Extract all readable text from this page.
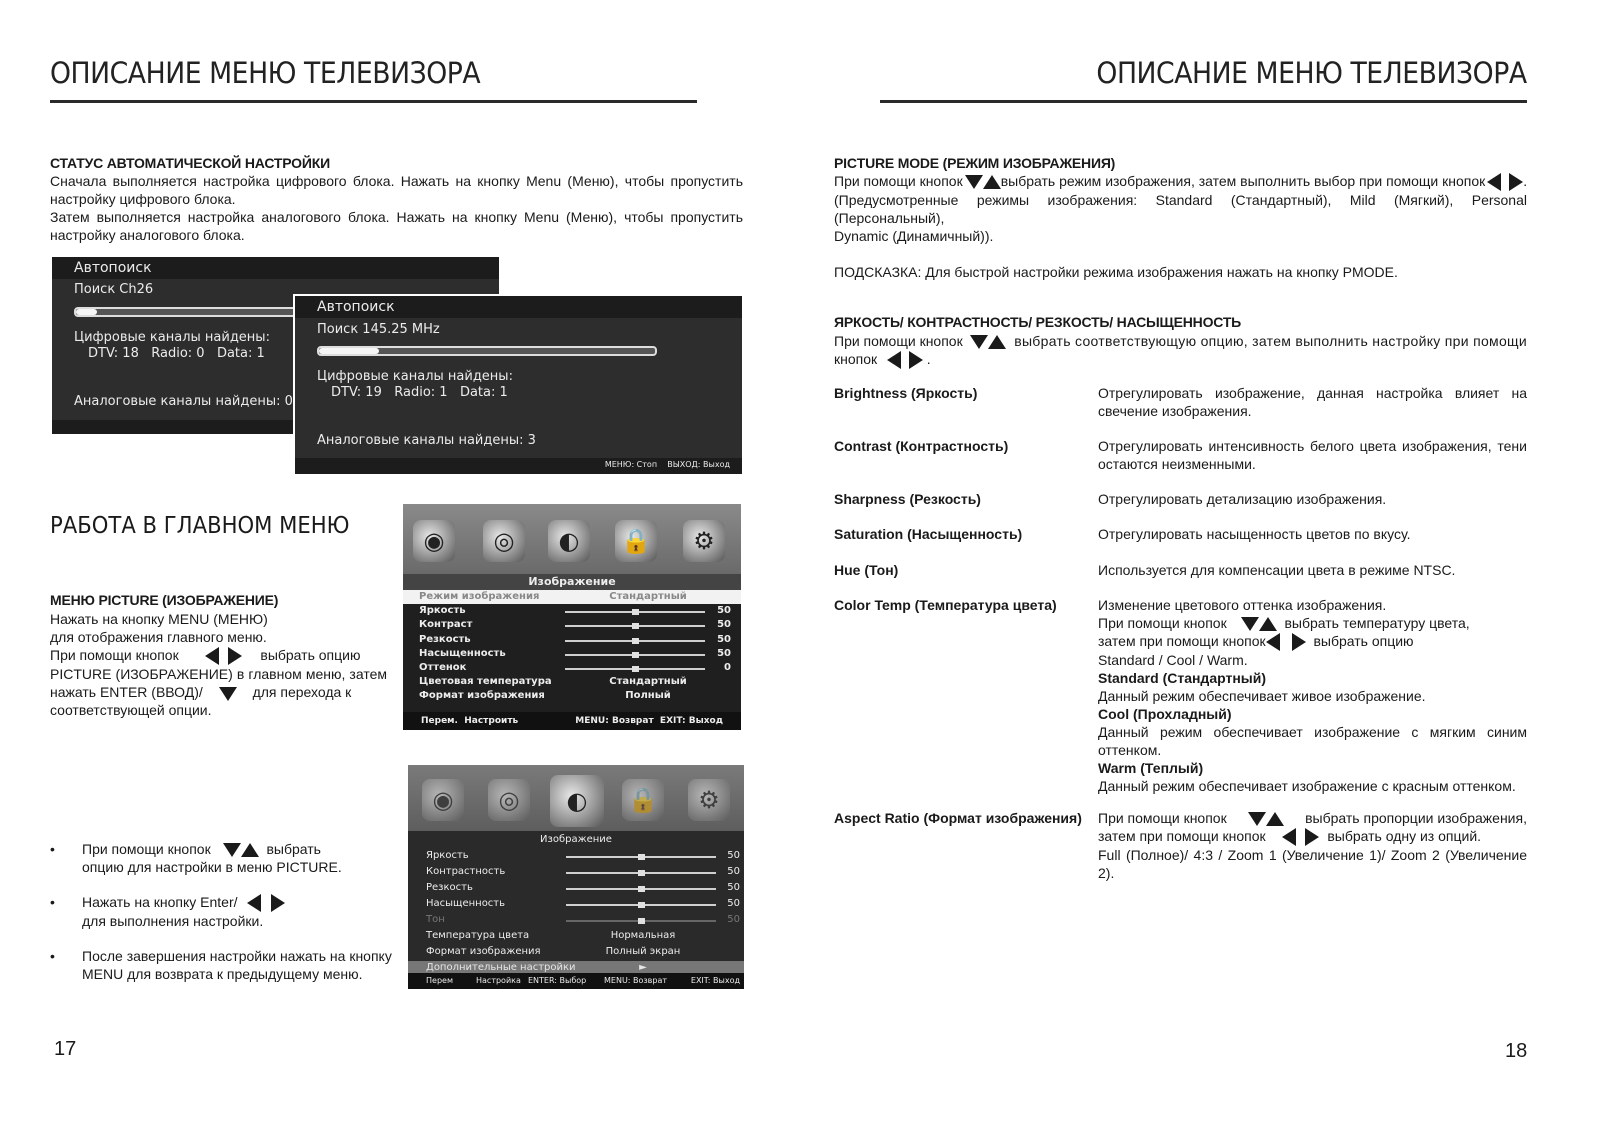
ОПИСАНИЕ МЕНЮ ТЕЛЕВИЗОРА
СТАТУС АВТОМАТИЧЕСКОЙ НАСТРОЙКИ
Сначала выполняется настройка цифрового блока. Нажать на кнопку Menu (Меню), чтобы пропустить
настройку цифрового блока.
Затем выполняется настройка аналогового блока. Нажать на кнопку Menu (Меню), чтобы пропустить
настройку аналогового блока.
Автопоиск
Поиск Ch26
Цифровые каналы найдены:
DTV: 18   Radio: 0   Data: 1
Аналоговые каналы найдены: 0
Автопоиск
Поиск 145.25 MHz
Цифровые каналы найдены:
DTV: 19   Radio: 1   Data: 1
Аналоговые каналы найдены: 3
МЕНЮ: Стоп    ВЫХОД: Выход
РАБОТА В ГЛАВНОМ МЕНЮ
МЕНЮ PICTURE (ИЗОБРАЖЕНИЕ)
Нажать на кнопку MENU (МЕНЮ)
для отображения главного меню.
При помощи кнопок	выбрать опцию
PICTURE (ИЗОБРАЖЕНИЕ) в главном меню, затем
нажать ENTER (ВВОД)/	для перехода к
соответствующей опции.
◉	◎	◐	🔒	⚙
Изображение
Режим изображения	Стандартный
Яркость	50
Контраст	50
Резкость	50
Насыщенность	50
Оттенок	0
Цветовая температура	Стандартный
Формат изображения	Полный
Перем.  Настроить	MENU: Возврат  EXIT: Выход
◉	◎	◐	🔒	⚙
Изображение
Яркость	50
Контрастность	50
Резкость	50
Насыщенность	50
Тон	50
Температура цвета	Нормальная
Формат изображения	Полный экран
Дополнительные настройки	►
Перем	Настройка ENTER: Выбор MENU: Возврат	EXIT: Выход
• При помощи кнопок	выбрать
опцию для настройки в меню PICTURE.
• Нажать на кнопку Enter/
для выполнения настройки.
• После завершения настройки нажать на кнопку
MENU для возврата к предыдущему меню.
17
ОПИСАНИЕ МЕНЮ ТЕЛЕВИЗОРА
PICTURE MODE (РЕЖИМ ИЗОБРАЖЕНИЯ)
При помощи кнопок	выбрать режим изображения, затем выполнить выбор при помощи кнопок	.
(Предусмотренные режимы изображения: Standard (Стандартный), Mild (Мягкий), Personal (Персональный),
Dynamic (Динамичный)).
ПОДСКАЗКА: Для быстрой настройки режима изображения нажать на кнопку PMODE.
ЯРКОСТЬ/ КОНТРАСТНОСТЬ/ РЕЗКОСТЬ/ НАСЫЩЕННОСТЬ
При помощи кнопок	выбрать соответствующую опцию, затем выполнить настройку при помощи
кнопок	.
Brightness (Яркость)	Отрегулировать изображение, данная настройка влияет на свечение изображения.
Contrast (Контрастность)	Отрегулировать интенсивность белого цвета изображения, тени остаются неизменными.
Sharpness (Резкость)	Отрегулировать детализацию изображения.
Saturation (Насыщенность)	Отрегулировать насыщенность цветов по вкусу.
Hue (Тон)	Используется для компенсации цвета в режиме NTSC.
Color Temp (Температура цвета)	Изменение цветового оттенка изображения.
При помощи кнопок	выбрать температуру цвета,
затем при помощи кнопок	выбрать опцию
Standard / Cool / Warm.
Standard (Стандартный)
Данный режим обеспечивает живое изображение.
Cool (Прохладный)
Данный режим обеспечивает изображение с мягким синим оттенком.
Warm (Теплый)
Данный режим обеспечивает изображение с красным оттенком.
Aspect Ratio (Формат изображения) При помощи кнопок	выбрать пропорции изображения,
затем при помощи кнопок	выбрать одну из опций.
Full (Полное)/ 4:3 / Zoom 1 (Увеличение 1)/ Zoom 2 (Увеличение 2).
18
